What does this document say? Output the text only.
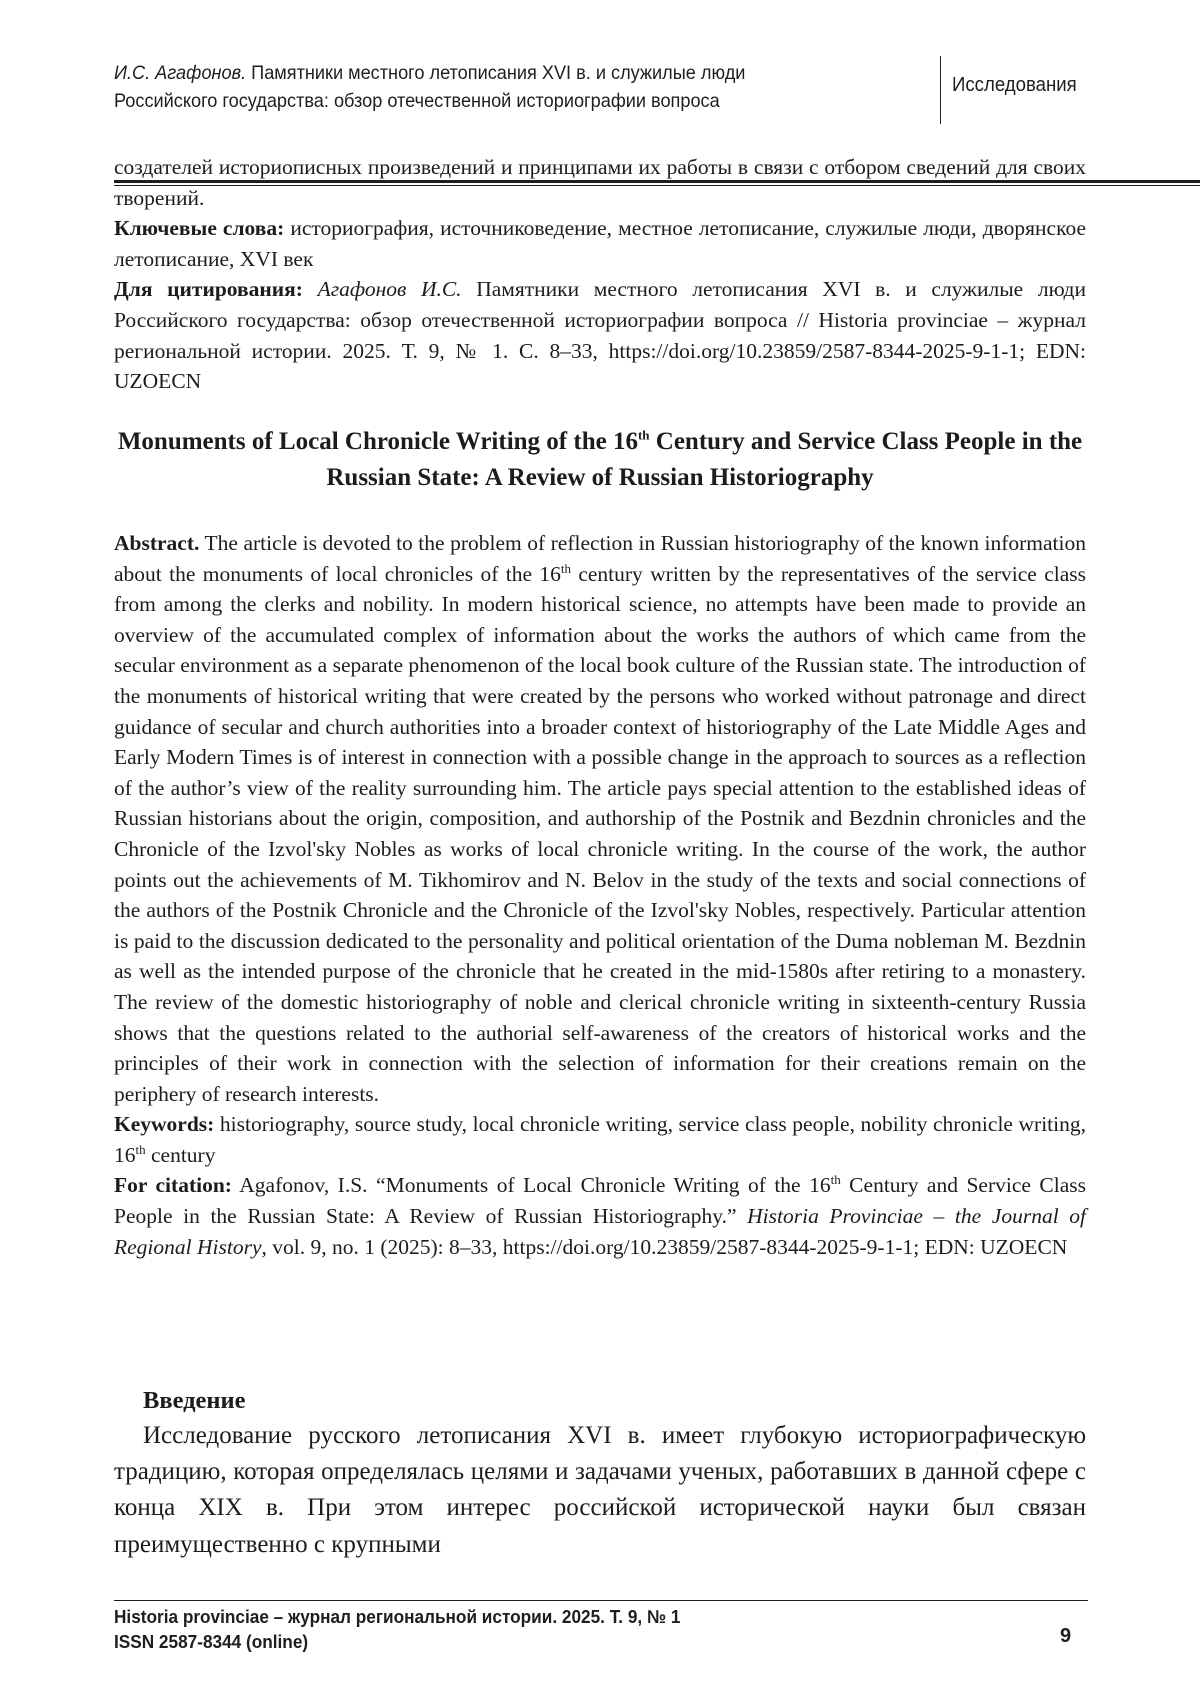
И.С. Агафонов. Памятники местного летописания XVI в. и служилые люди
Российского государства: обзор отечественной историографии вопроса
Исследования

создателей историописных произведений и принципами их работы в связи с отбором сведений для своих творений.

Ключевые слова: историография, источниковедение, местное летописание, служилые люди, дворянское летописание, XVI век

Для цитирования: Агафонов И.С. Памятники местного летописания XVI в. и служилые люди Российского государства: обзор отечественной историографии вопроса // Historia provinciae – журнал региональной истории. 2025. Т. 9, № 1. С. 8–33, https://doi.org/10.23859/2587-8344-2025-9-1-1; EDN: UZOECN

Monuments of Local Chronicle Writing of the 16th Century and Service Class People in the Russian State: A Review of Russian Historiography

Abstract. The article is devoted to the problem of reflection in Russian historiography of the known information about the monuments of local chronicles of the 16th century written by the representatives of the service class from among the clerks and nobility. In modern historical science, no attempts have been made to provide an overview of the accumulated complex of information about the works the authors of which came from the secular environment as a separate phenomenon of the local book culture of the Russian state. The introduction of the monuments of historical writing that were created by the persons who worked without patronage and direct guidance of secular and church authorities into a broader context of historiography of the Late Middle Ages and Early Modern Times is of interest in connection with a possible change in the approach to sources as a reflection of the author’s view of the reality surrounding him. The article pays special attention to the established ideas of Russian historians about the origin, composition, and authorship of the Postnik and Bezdnin chronicles and the Chronicle of the Izvol'sky Nobles as works of local chronicle writing. In the course of the work, the author points out the achievements of M. Tikhomirov and N. Belov in the study of the texts and social connections of the authors of the Postnik Chronicle and the Chronicle of the Izvol'sky Nobles, respectively. Particular attention is paid to the discussion dedicated to the personality and political orientation of the Duma nobleman M. Bezdnin as well as the intended purpose of the chronicle that he created in the mid-1580s after retiring to a monastery. The review of the domestic historiography of noble and clerical chronicle writing in sixteenth-century Russia shows that the questions related to the authorial self-awareness of the creators of historical works and the principles of their work in connection with the selection of information for their creations remain on the periphery of research interests.

Keywords: historiography, source study, local chronicle writing, service class people, nobility chronicle writing, 16th century

For citation: Agafonov, I.S. “Monuments of Local Chronicle Writing of the 16th Century and Service Class People in the Russian State: A Review of Russian Historiography.” Historia Provinciae – the Journal of Regional History, vol. 9, no. 1 (2025): 8–33, https://doi.org/10.23859/2587-8344-2025-9-1-1; EDN: UZOECN

Введение

Исследование русского летописания XVI в. имеет глубокую историографическую традицию, которая определялась целями и задачами ученых, работавших в данной сфере с конца XIX в. При этом интерес российской исторической науки был связан преимущественно с крупными

Historia provinciae – журнал региональной истории. 2025. Т. 9, № 1
ISSN 2587-8344 (online)	9
